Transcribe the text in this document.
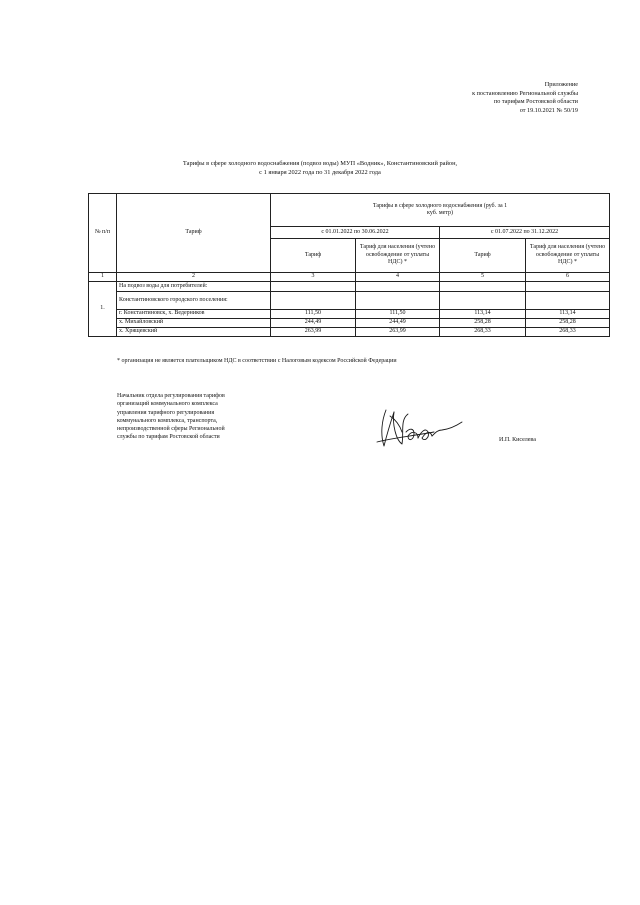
Приложение
к постановлению Региональной службы
по тарифам Ростовской области
от 19.10.2021 № 50/19
Тарифы в сфере холодного водоснабжения (подвоз воды) МУП «Водник», Константиновский район,
с 1 января 2022 года по 31 декабря 2022 года
№ п/п	Тариф	Тарифы в сфере холодного водоснабжения (руб. за 1 куб. метр)			
		с 01.01.2022 по 30.06.2022		с 01.07.2022 по 31.12.2022	
		Тариф	Тариф для населения (учтено освобождение от уплаты НДС) *	Тариф	Тариф для населения (учтено освобождение от уплаты НДС) *
1	2	3	4	5	6
1.	На подвоз воды для потребителей:				
	Константиновского городского поселения:				
	г. Константиновск, х. Ведерников	111,50	111,50	113,14	113,14
	х. Михайловский	244,49	244,49	258,28	258,28
	х. Хрящевский	263,99	263,99	268,33	268,33
* организация не является плательщиком НДС в соответствии с Налоговым кодексом Российской Федерации
Начальник отдела регулирования тарифов
организаций коммунального комплекса
управления тарифного регулирования
коммунального комплекса, транспорта,
непроизводственной сферы Региональной
службы по тарифам Ростовской области	И.П. Киселева
